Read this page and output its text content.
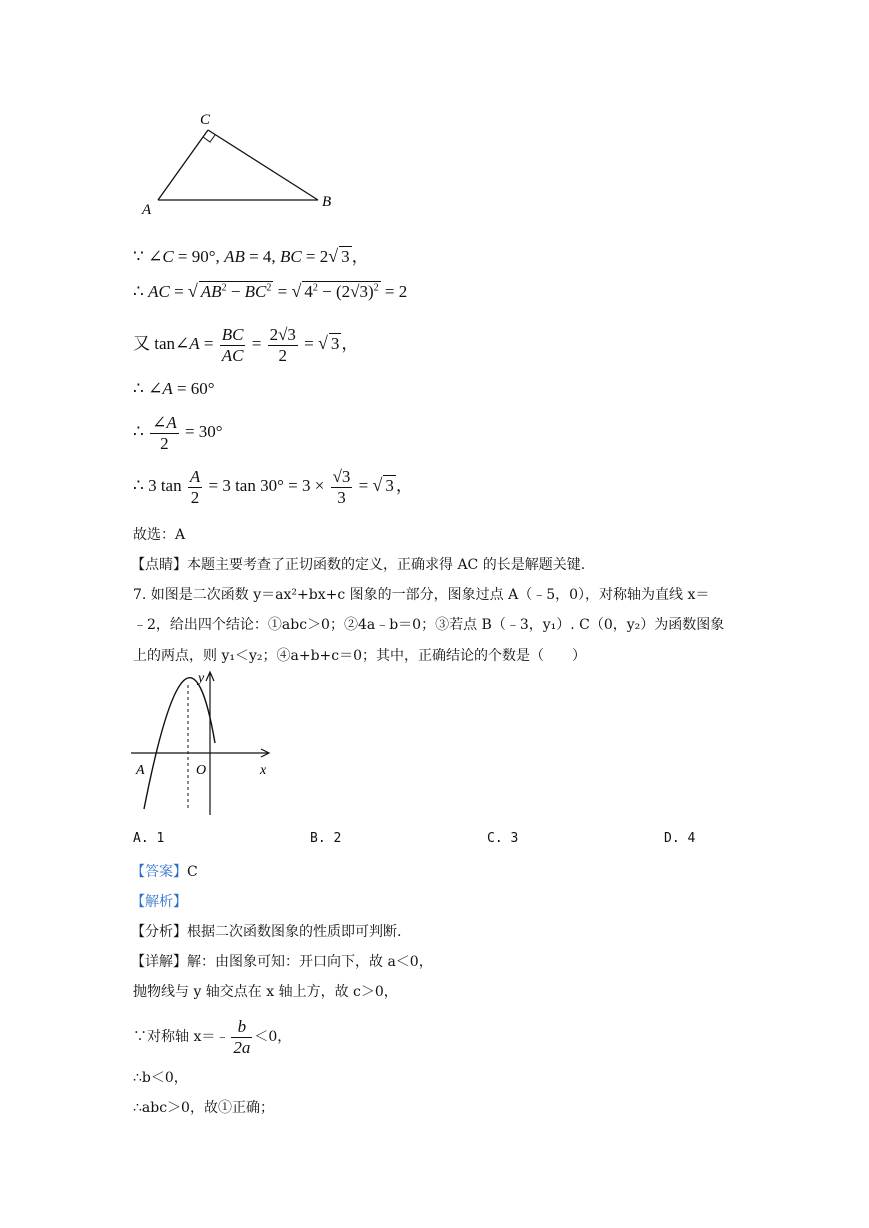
C
A	B
∵ ∠C = 90°, AB = 4, BC = 2√ 3 ，
∴ AC = √ $AB^2 - BC^2$ = √ $4^2 - (2√3)^2 = 2$
又 tan∠A = $\frac{BC}{AC} = \frac{2√3}{2}$ = √ 3 ，
∴ ∠A = 60°
∴ $\frac{\angle A}{2} = 30^\circ$
∴ 3 $\tan \frac{A}{2} = 3$ $\tan 30^\circ = 3 \times \frac{√3}{3}$ = √ 3 ，
故选：A
【点睛】本题主要考查了正切函数的定义，正确求得 AC 的长是解题关键.
7. 如图是二次函数 y＝ax²+bx+c 图象的一部分，图象过点 A（﹣5，0），对称轴为直线 x＝
﹣2，给出四个结论：①abc＞0；②4a﹣b＝0；③若点 B（﹣3，y₁）. C（0，y₂）为函数图象
上的两点，则 y₁＜y₂；④a+b+c＝0；其中，正确结论的个数是（　　）
y
x
A	O
A. 1	B. 2	C. 3	D. 4
【答案】C
【解析】
【分析】根据二次函数图象的性质即可判断.
【详解】解：由图象可知：开口向下，故 a＜0，
抛物线与 y 轴交点在 x 轴上方，故 c＞0，
∵对称轴 x＝﹣ $\frac{b}{2a} <0$，
∴b＜0，
∴abc＞0，故①正确；
